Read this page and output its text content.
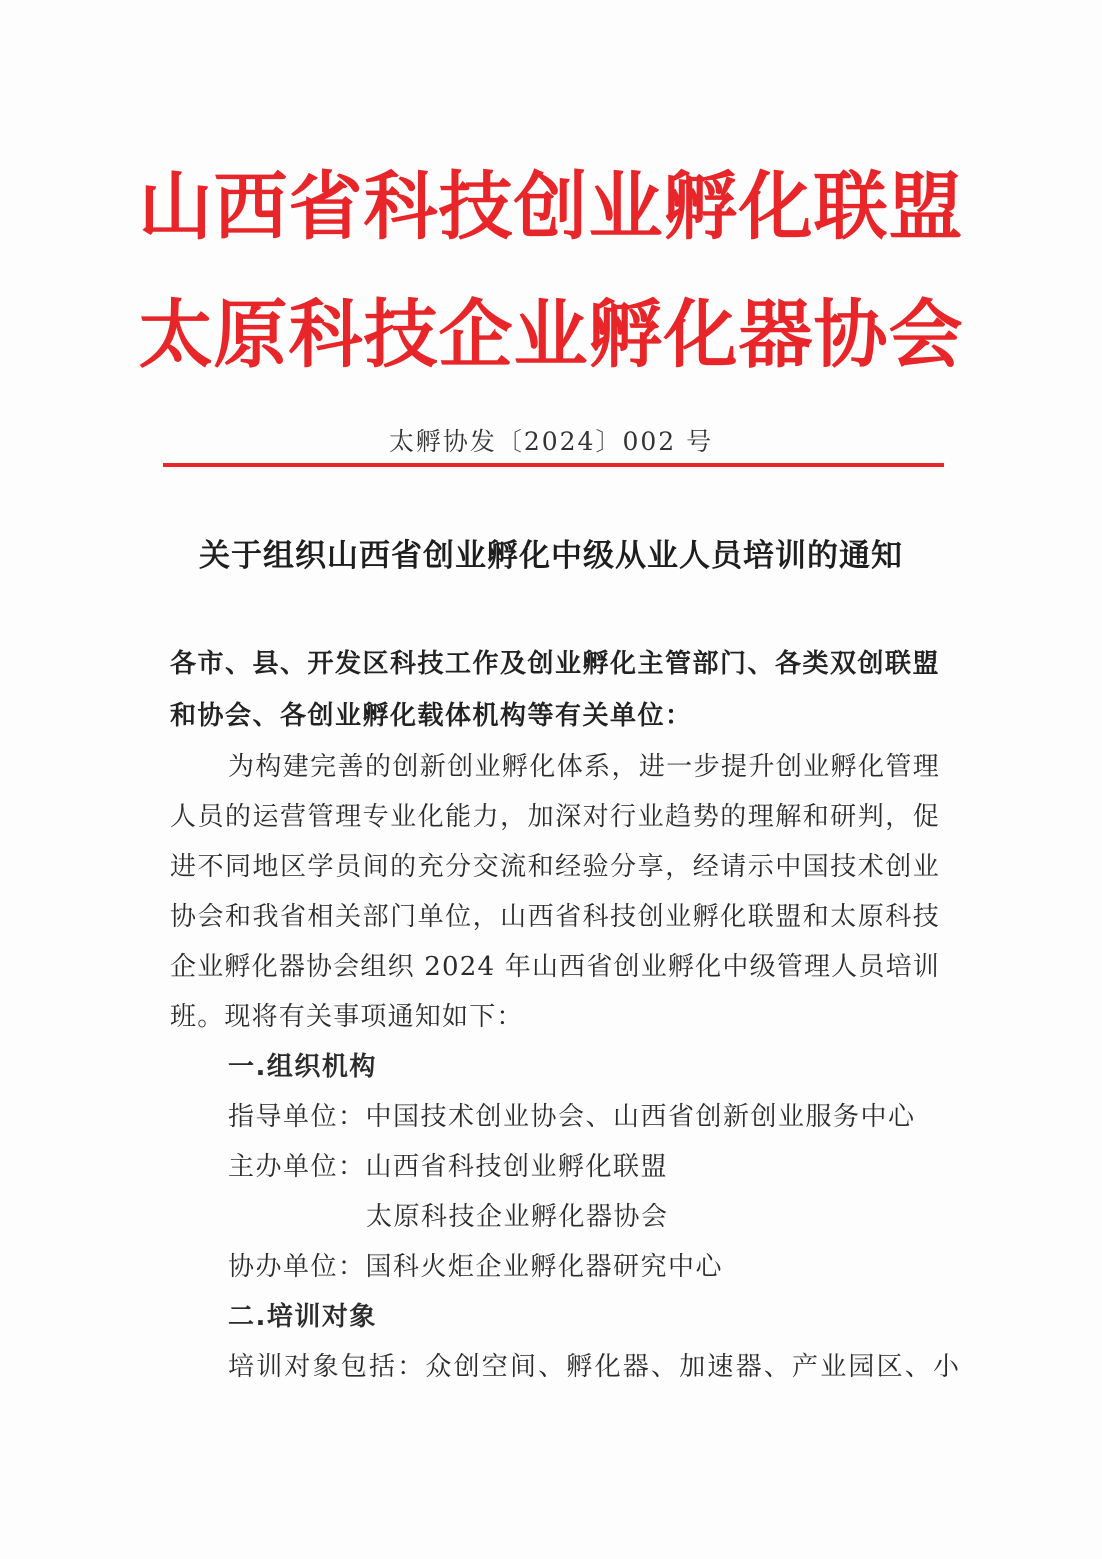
山西省科技创业孵化联盟
太原科技企业孵化器协会
太孵协发〔2024〕002 号
关于组织山西省创业孵化中级从业人员培训的通知

各市、县、开发区科技工作及创业孵化主管部门、各类双创联盟和协会、各创业孵化载体机构等有关单位：

为构建完善的创新创业孵化体系，进一步提升创业孵化管理人员的运营管理专业化能力，加深对行业趋势的理解和研判，促进不同地区学员间的充分交流和经验分享，经请示中国技术创业协会和我省相关部门单位，山西省科技创业孵化联盟和太原科技企业孵化器协会组织 2024 年山西省创业孵化中级管理人员培训班。现将有关事项通知如下：

一.组织机构

指导单位：中国技术创业协会、山西省创新创业服务中心

主办单位：山西省科技创业孵化联盟

太原科技企业孵化器协会

协办单位：国科火炬企业孵化器研究中心

二.培训对象

培训对象包括：众创空间、孵化器、加速器、产业园区、小
